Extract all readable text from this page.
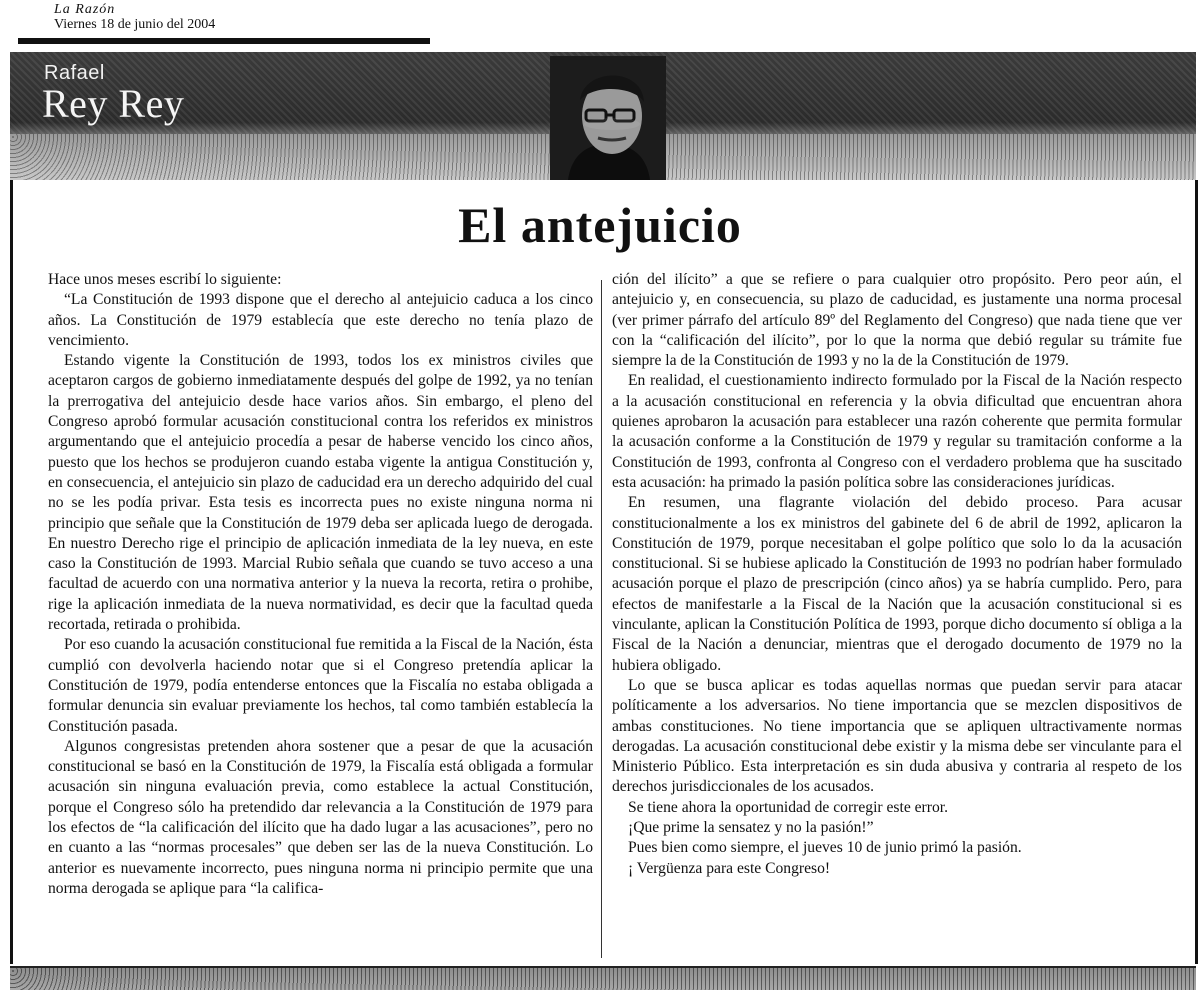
La Razón
Viernes 18 de junio del 2004
Rafael
Rey Rey
El antejuicio

Hace unos meses escribí lo siguiente:

“La Constitución de 1993 dispone que el derecho al antejuicio caduca a los cinco años. La Constitución de 1979 establecía que este derecho no tenía plazo de vencimiento.

Estando vigente la Constitución de 1993, todos los ex ministros civiles que aceptaron cargos de gobierno inmediatamente después del golpe de 1992, ya no tenían la prerrogativa del antejuicio desde hace varios años. Sin embargo, el pleno del Congreso aprobó formular acusación constitucional contra los referidos ex ministros argumentando que el antejuicio procedía a pesar de haberse vencido los cinco años, puesto que los hechos se produjeron cuando estaba vigente la antigua Constitución y, en consecuencia, el antejuicio sin plazo de caducidad era un derecho adquirido del cual no se les podía privar. Esta tesis es incorrecta pues no existe ninguna norma ni principio que señale que la Constitución de 1979 deba ser aplicada luego de derogada. En nuestro Derecho rige el principio de aplicación inmediata de la ley nueva, en este caso la Constitución de 1993. Marcial Rubio señala que cuando se tuvo acceso a una facultad de acuerdo con una normativa anterior y la nueva la recorta, retira o prohibe, rige la aplicación inmediata de la nueva normatividad, es decir que la facultad queda recortada, retirada o prohibida.

Por eso cuando la acusación constitucional fue remitida a la Fiscal de la Nación, ésta cumplió con devolverla haciendo notar que si el Congreso pretendía aplicar la Constitución de 1979, podía entenderse entonces que la Fiscalía no estaba obligada a formular denuncia sin evaluar previamente los hechos, tal como también establecía la Constitución pasada.

Algunos congresistas pretenden ahora sostener que a pesar de que la acusación constitucional se basó en la Constitución de 1979, la Fiscalía está obligada a formular acusación sin ninguna evaluación previa, como establece la actual Constitución, porque el Congreso sólo ha pretendido dar relevancia a la Constitución de 1979 para los efectos de “la calificación del ilícito que ha dado lugar a las acusaciones”, pero no en cuanto a las “normas procesales” que deben ser las de la nueva Constitución. Lo anterior es nuevamente incorrecto, pues ninguna norma ni principio permite que una norma derogada se aplique para “la califica-

ción del ilícito” a que se refiere o para cualquier otro propósito. Pero peor aún, el antejuicio y, en consecuencia, su plazo de caducidad, es justamente una norma procesal (ver primer párrafo del artículo 89º del Reglamento del Congreso) que nada tiene que ver con la “calificación del ilícito”, por lo que la norma que debió regular su trámite fue siempre la de la Constitución de 1993 y no la de la Constitución de 1979.

En realidad, el cuestionamiento indirecto formulado por la Fiscal de la Nación respecto a la acusación constitucional en referencia y la obvia dificultad que encuentran ahora quienes aprobaron la acusación para establecer una razón coherente que permita formular la acusación conforme a la Constitución de 1979 y regular su tramitación conforme a la Constitución de 1993, confronta al Congreso con el verdadero problema que ha suscitado esta acusación: ha primado la pasión política sobre las consideraciones jurídicas.

En resumen, una flagrante violación del debido proceso. Para acusar constitucionalmente a los ex ministros del gabinete del 6 de abril de 1992, aplicaron la Constitución de 1979, porque necesitaban el golpe político que solo lo da la acusación constitucional. Si se hubiese aplicado la Constitución de 1993 no podrían haber formulado acusación porque el plazo de prescripción (cinco años) ya se habría cumplido. Pero, para efectos de manifestarle a la Fiscal de la Nación que la acusación constitucional si es vinculante, aplican la Constitución Política de 1993, porque dicho documento sí obliga a la Fiscal de la Nación a denunciar, mientras que el derogado documento de 1979 no la hubiera obligado.

Lo que se busca aplicar es todas aquellas normas que puedan servir para atacar políticamente a los adversarios. No tiene importancia que se mezclen dispositivos de ambas constituciones. No tiene importancia que se apliquen ultractivamente normas derogadas. La acusación constitucional debe existir y la misma debe ser vinculante para el Ministerio Público. Esta interpretación es sin duda abusiva y contraria al respeto de los derechos jurisdiccionales de los acusados.

Se tiene ahora la oportunidad de corregir este error.

¡Que prime la sensatez y no la pasión!”

Pues bien como siempre, el jueves 10 de junio primó la pasión.

¡ Vergüenza para este Congreso!
